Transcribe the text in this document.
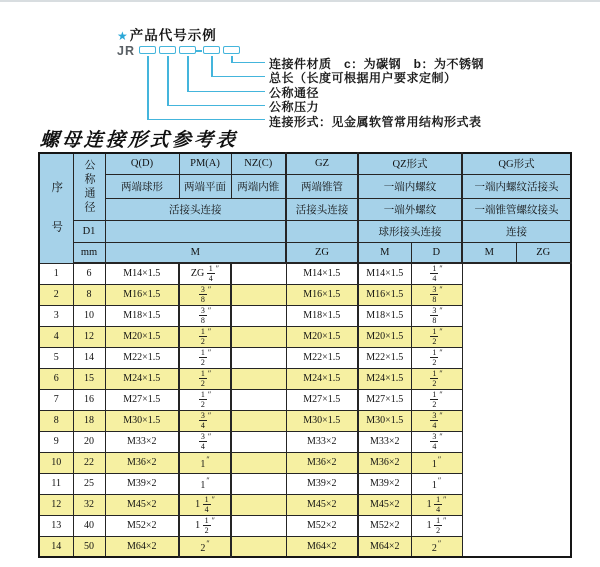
★产品代号示例
JR
连接件材质　c：为碳钢　b：为不锈钢
总长（长度可根据用户要求定制）
公称通径
公称压力
连接形式：见金属软管常用结构形式表
螺母连接形式参考表
序号	公称通径	Q(D)	PM(A)	NZ(C)	GZ	QZ形式		QG形式	
		两端球形	两端平面	两端内锥	两端锥管	一端内螺纹		一端内螺纹活接头	
		活接头连接			活接头连接	一端外螺纹		一端锥管螺纹接头	
	D1					球形接头连接		连接	
	mm	M			ZG	M	D	M	ZG
1	6	M14×1.5	ZG $\frac{1}{4} ''$		M14×1.5	M14×1.5	$\frac{1}{4} ''$
2	8	M16×1.5	$\frac{3}{8} ''$		M16×1.5	M16×1.5	$\frac{3}{8} ''$
3	10	M18×1.5	$\frac{3}{8} ''$		M18×1.5	M18×1.5	$\frac{3}{8} ''$
4	12	M20×1.5	$\frac{1}{2} ''$		M20×1.5	M20×1.5	$\frac{1}{2} ''$
5	14	M22×1.5	$\frac{1}{2} ''$		M22×1.5	M22×1.5	$\frac{1}{2} ''$
6	15	M24×1.5	$\frac{1}{2} ''$		M24×1.5	M24×1.5	$\frac{1}{2} ''$
7	16	M27×1.5	$\frac{1}{2} ''$		M27×1.5	M27×1.5	$\frac{1}{2} ''$
8	18	M30×1.5	$\frac{3}{4} ''$		M30×1.5	M30×1.5	$\frac{3}{4} ''$
9	20	M33×2	$\frac{3}{4} ''$		M33×2	M33×2	$\frac{3}{4} ''$
10	22	M36×2	1″		M36×2	M36×2	1″
11	25	M39×2	1″		M39×2	M39×2	1″
12	32	M45×2	$1 \frac{1}{4} ''$		M45×2	M45×2	$1 \frac{1}{4} ''$
13	40	M52×2	$1 \frac{1}{2} ''$		M52×2	M52×2	$1 \frac{1}{2} ''$
14	50	M64×2	2″		M64×2	M64×2	2″
